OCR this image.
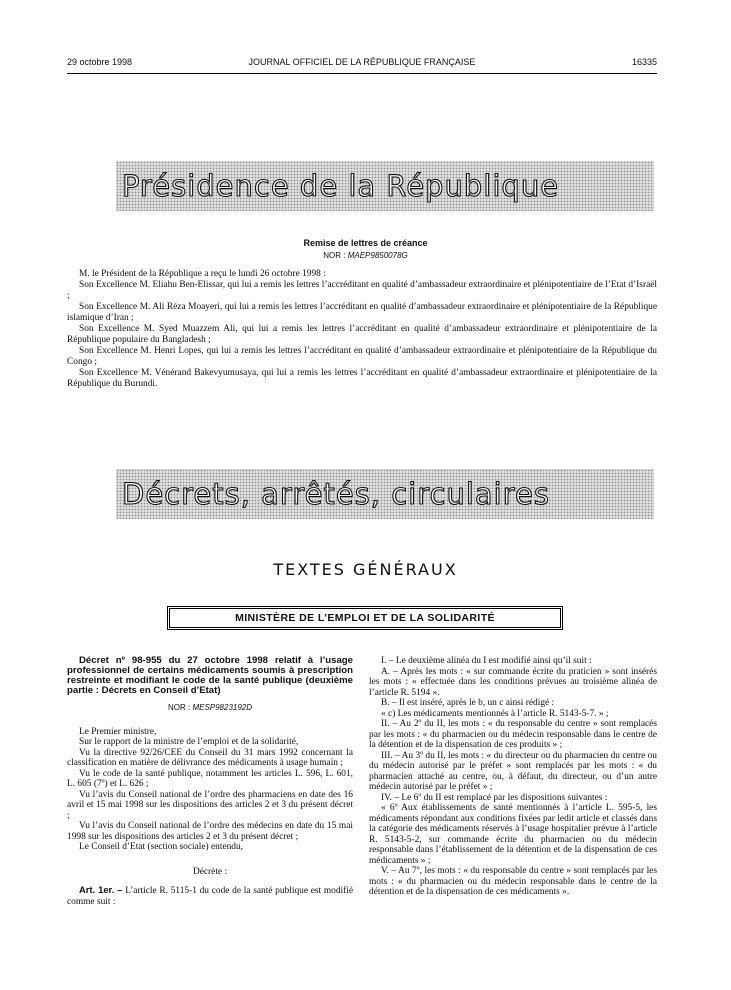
29 octobre 1998	JOURNAL OFFICIEL DE LA RÉPUBLIQUE FRANÇAISE	16335
Présidence de la République
Remise de lettres de créance
NOR : MAEP9850078G

M. le Président de la République a reçu le lundi 26 octobre 1998 :

Son Excellence M. Eliahu Ben-Elissar, qui lui a remis les lettres l’accréditant en qualité d’ambassadeur extraordinaire et plénipotentiaire de l’Etat d’Israël ;

Son Excellence M. Ali Réza Moayeri, qui lui a remis les lettres l’accréditant en qualité d’ambassadeur extraordinaire et plénipotentiaire de la République islamique d’Iran ;

Son Excellence M. Syed Muazzem Ali, qui lui a remis les lettres l’accréditant en qualité d’ambassadeur extraordinaire et plénipotentiaire de la République populaire du Bangladesh ;

Son Excellence M. Henri Lopes, qui lui a remis les lettres l’accréditant en qualité d’ambassadeur extraordinaire et plénipotentiaire de la République du Congo ;

Son Excellence M. Vénérand Bakevyumusaya, qui lui a remis les lettres l’accréditant en qualité d’ambassadeur extraordinaire et plénipotentiaire de la République du Burundi.

Décrets, arrêtés, circulaires
TEXTES GÉNÉRAUX
MINISTÈRE DE L’EMPLOI ET DE LA SOLIDARITÉ

Décret nº 98-955 du 27 octobre 1998 relatif à l’usage professionnel de certains médicaments soumis à prescription restreinte et modifiant le code de la santé publique (deuxième partie : Décrets en Conseil d’Etat)

NOR : MESP9823192D

Le Premier ministre,

Sur le rapport de la ministre de l’emploi et de la solidarité,

Vu la directive 92/26/CEE du Conseil du 31 mars 1992 concernant la classification en matière de délivrance des médicaments à usage humain ;

Vu le code de la santé publique, notamment les articles L. 596, L. 601, L. 605 (7º) et L. 626 ;

Vu l’avis du Conseil national de l’ordre des pharmaciens en date des 16 avril et 15 mai 1998 sur les dispositions des articles 2 et 3 du présent décret ;

Vu l’avis du Conseil national de l’ordre des médecins en date du 15 mai 1998 sur les dispositions des articles 2 et 3 du présent décret ;

Le Conseil d’Etat (section sociale) entendu,

Décrète :

Art. 1er. – L’article R. 5115-1 du code de la santé publique est modifié comme suit :

I. – Le deuxième alinéa du I est modifié ainsi qu’il suit :

A. – Après les mots : « sur commande écrite du praticien » sont insérés les mots : « effectuée dans les conditions prévues au troisième alinéa de l’article R. 5194 ».

B. – Il est inséré, après le b, un c ainsi rédigé :

« c) Les médicaments mentionnés à l’article R. 5143-5-7. » ;

II. – Au 2º du II, les mots : « du responsable du centre » sont remplacés par les mots : « du pharmacien ou du médecin responsable dans le centre de la détention et de la dispensation de ces produits » ;

III. – Au 3º du II, les mots : « du directeur ou du pharmacien du centre ou du médecin autorisé par le préfet » sont remplacés par les mots : « du pharmacien attaché au centre, ou, à défaut, du directeur, ou d’un autre médecin autorisé par le préfet » ;

IV. – Le 6º du II est remplacé par les dispositions suivantes :

« 6º Aux établissements de santé mentionnés à l’article L. 595-5, les médicaments répondant aux conditions fixées par ledit article et classés dans la catégorie des médicaments réservés à l’usage hospitalier prévue à l’article R. 5143-5-2, sur commande écrite du pharmacien ou du médecin responsable dans l’établissement de la détention et de la dispensation de ces médicaments » ;

V. – Au 7º, les mots : « du responsable du centre » sont remplacés par les mots : « du pharmacien ou du médecin responsable dans le centre de la détention et de la dispensation de ces médicaments ».
